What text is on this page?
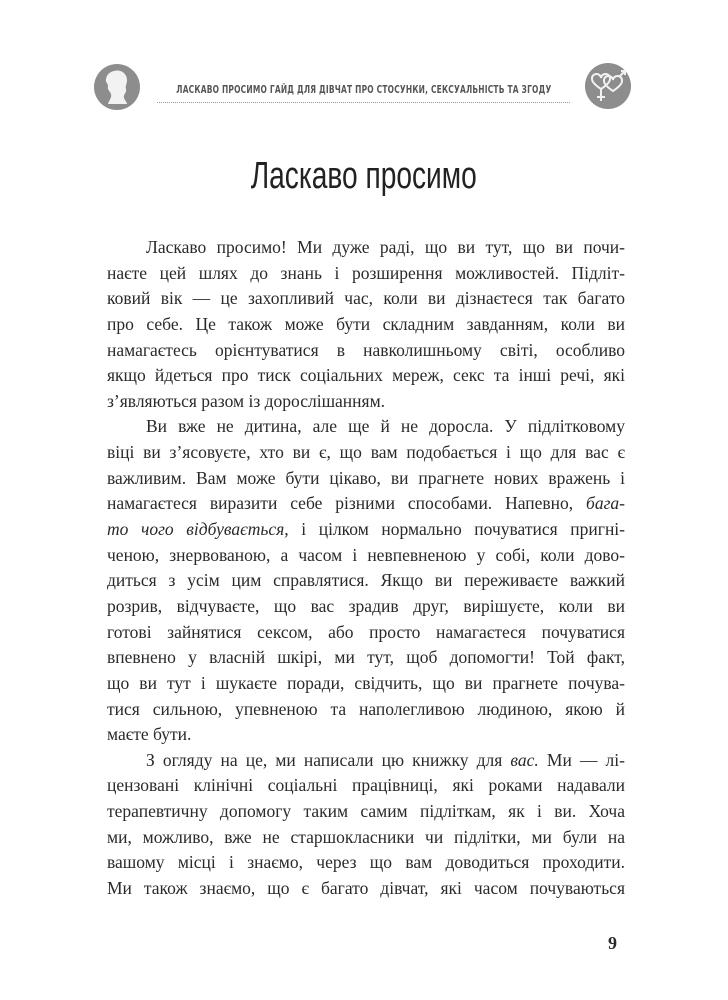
ЛАСКАВО ПРОСИМО ГАЙД ДЛЯ ДІВЧАТ ПРО СТОСУНКИ, СЕКСУАЛЬНІСТЬ ТА ЗГОДУ
Ласкаво просимо
Ласкаво просимо! Ми дуже раді, що ви тут, що ви почи-
наєте цей шлях до знань і розширення можливостей. Підліт-
ковий вік — це захопливий час, коли ви дізнаєтеся так багато
про себе. Це також може бути складним завданням, коли ви
намагаєтесь орієнтуватися в навколишньому світі, особливо
якщо йдеться про тиск соціальних мереж, секс та інші речі, які
з’являються разом із дорослішанням.
Ви вже не дитина, але ще й не доросла. У підлітковому
віці ви з’ясовуєте, хто ви є, що вам подобається і що для вас є
важливим. Вам може бути цікаво, ви прагнете нових вражень і
намагаєтеся виразити себе різними способами. Напевно, бага-
то чого відбувається, і цілком нормально почуватися пригні-
ченою, знервованою, а часом і невпевненою у собі, коли дово-
диться з усім цим справлятися. Якщо ви переживаєте важкий
розрив, відчуваєте, що вас зрадив друг, вирішуєте, коли ви
готові зайнятися сексом, або просто намагаєтеся почуватися
впевнено у власній шкірі, ми тут, щоб допомогти! Той факт,
що ви тут і шукаєте поради, свідчить, що ви прагнете почува-
тися сильною, упевненою та наполегливою людиною, якою й
маєте бути.
З огляду на це, ми написали цю книжку для вас. Ми — лі-
цензовані клінічні соціальні працівниці, які роками надавали
терапевтичну допомогу таким самим підліткам, як і ви. Хоча
ми, можливо, вже не старшокласники чи підлітки, ми були на
вашому місці і знаємо, через що вам доводиться проходити.
Ми також знаємо, що є багато дівчат, які часом почуваються
9
